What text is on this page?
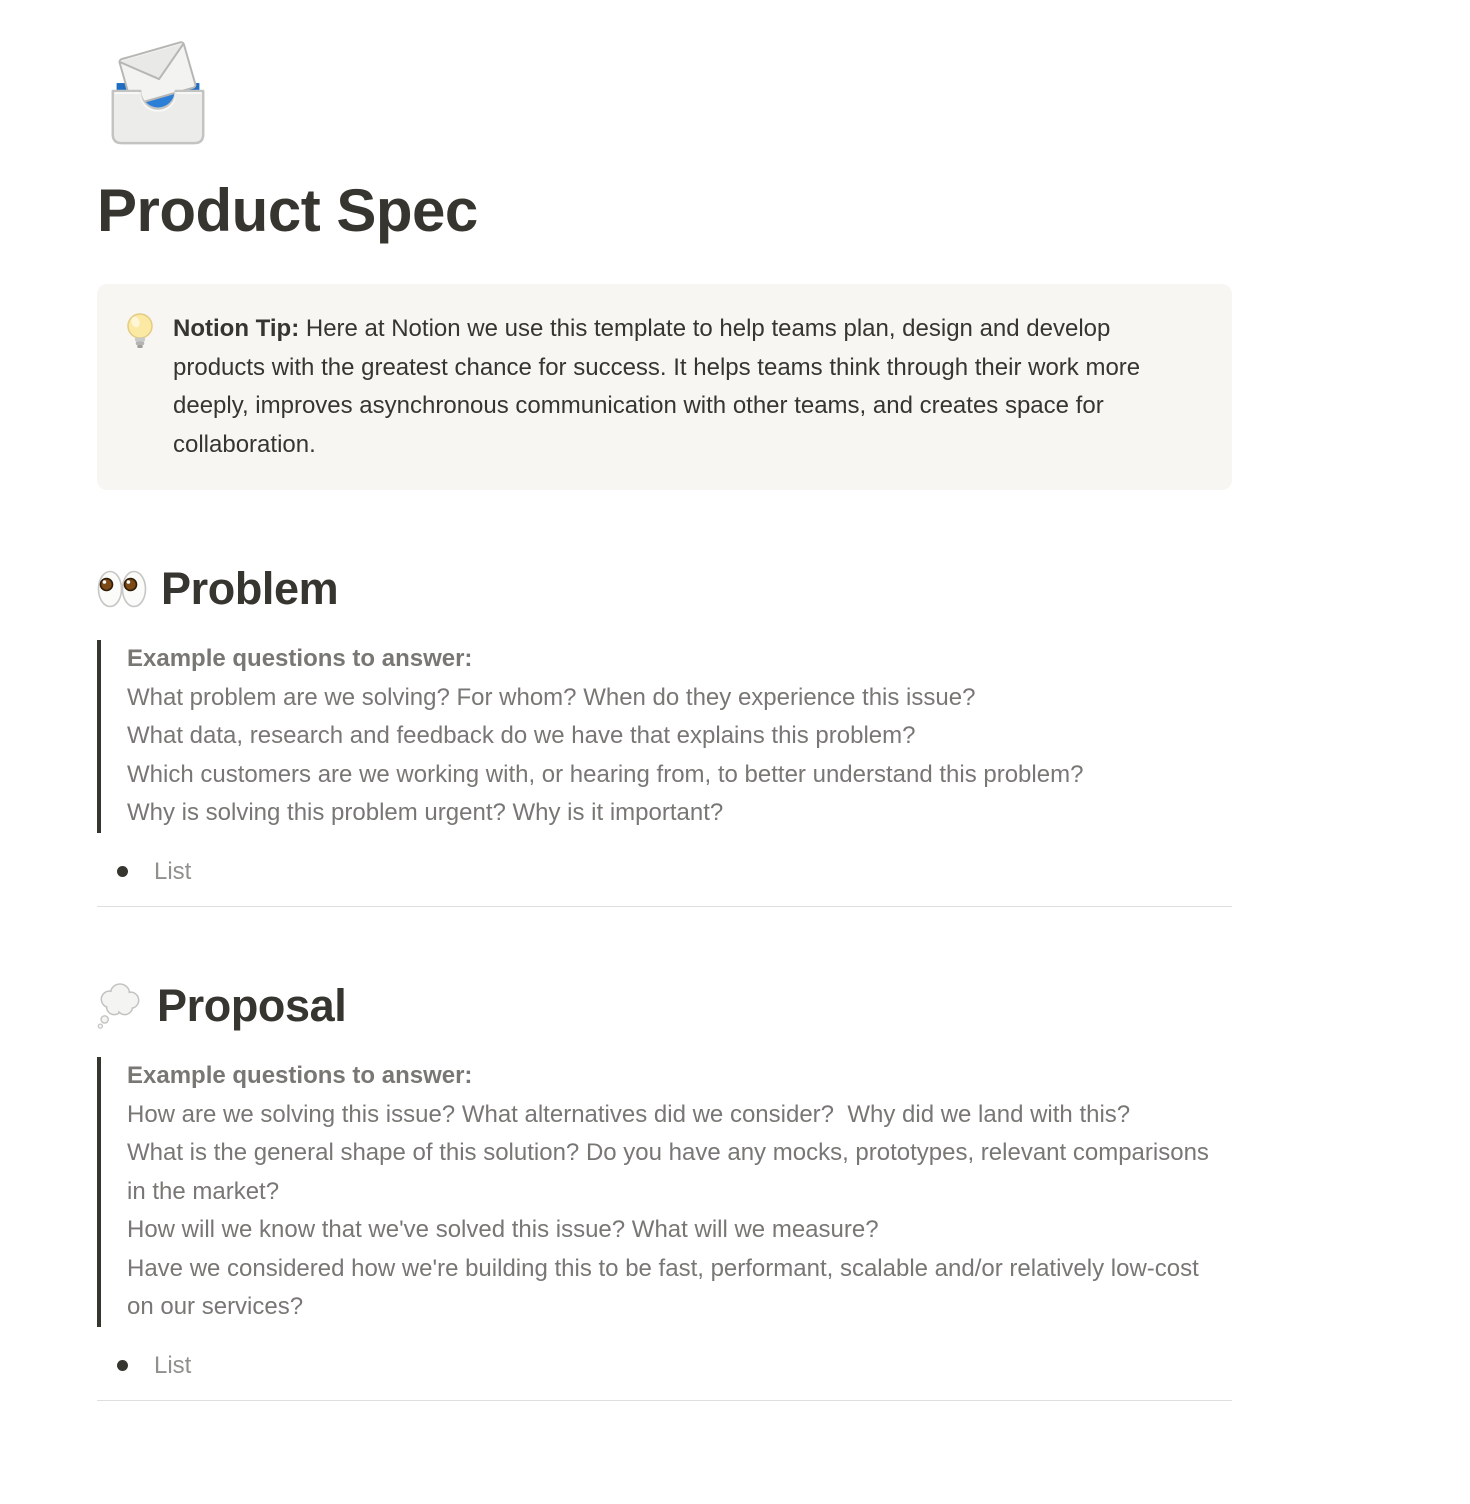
Product Spec
Notion Tip: Here at Notion we use this template to help teams plan, design and develop products with the greatest chance for success. It helps teams think through their work more deeply, improves asynchronous communication with other teams, and creates space for collaboration.
Problem
Example questions to answer:
What problem are we solving? For whom? When do they experience this issue?
What data, research and feedback do we have that explains this problem?
Which customers are we working with, or hearing from, to better understand this problem?
Why is solving this problem urgent? Why is it important?
List
Proposal
Example questions to answer:
How are we solving this issue? What alternatives did we consider?  Why did we land with this?
What is the general shape of this solution? Do you have any mocks, prototypes, relevant comparisons in the market?
How will we know that we've solved this issue? What will we measure?
Have we considered how we're building this to be fast, performant, scalable and/or relatively low-cost on our services?
List
